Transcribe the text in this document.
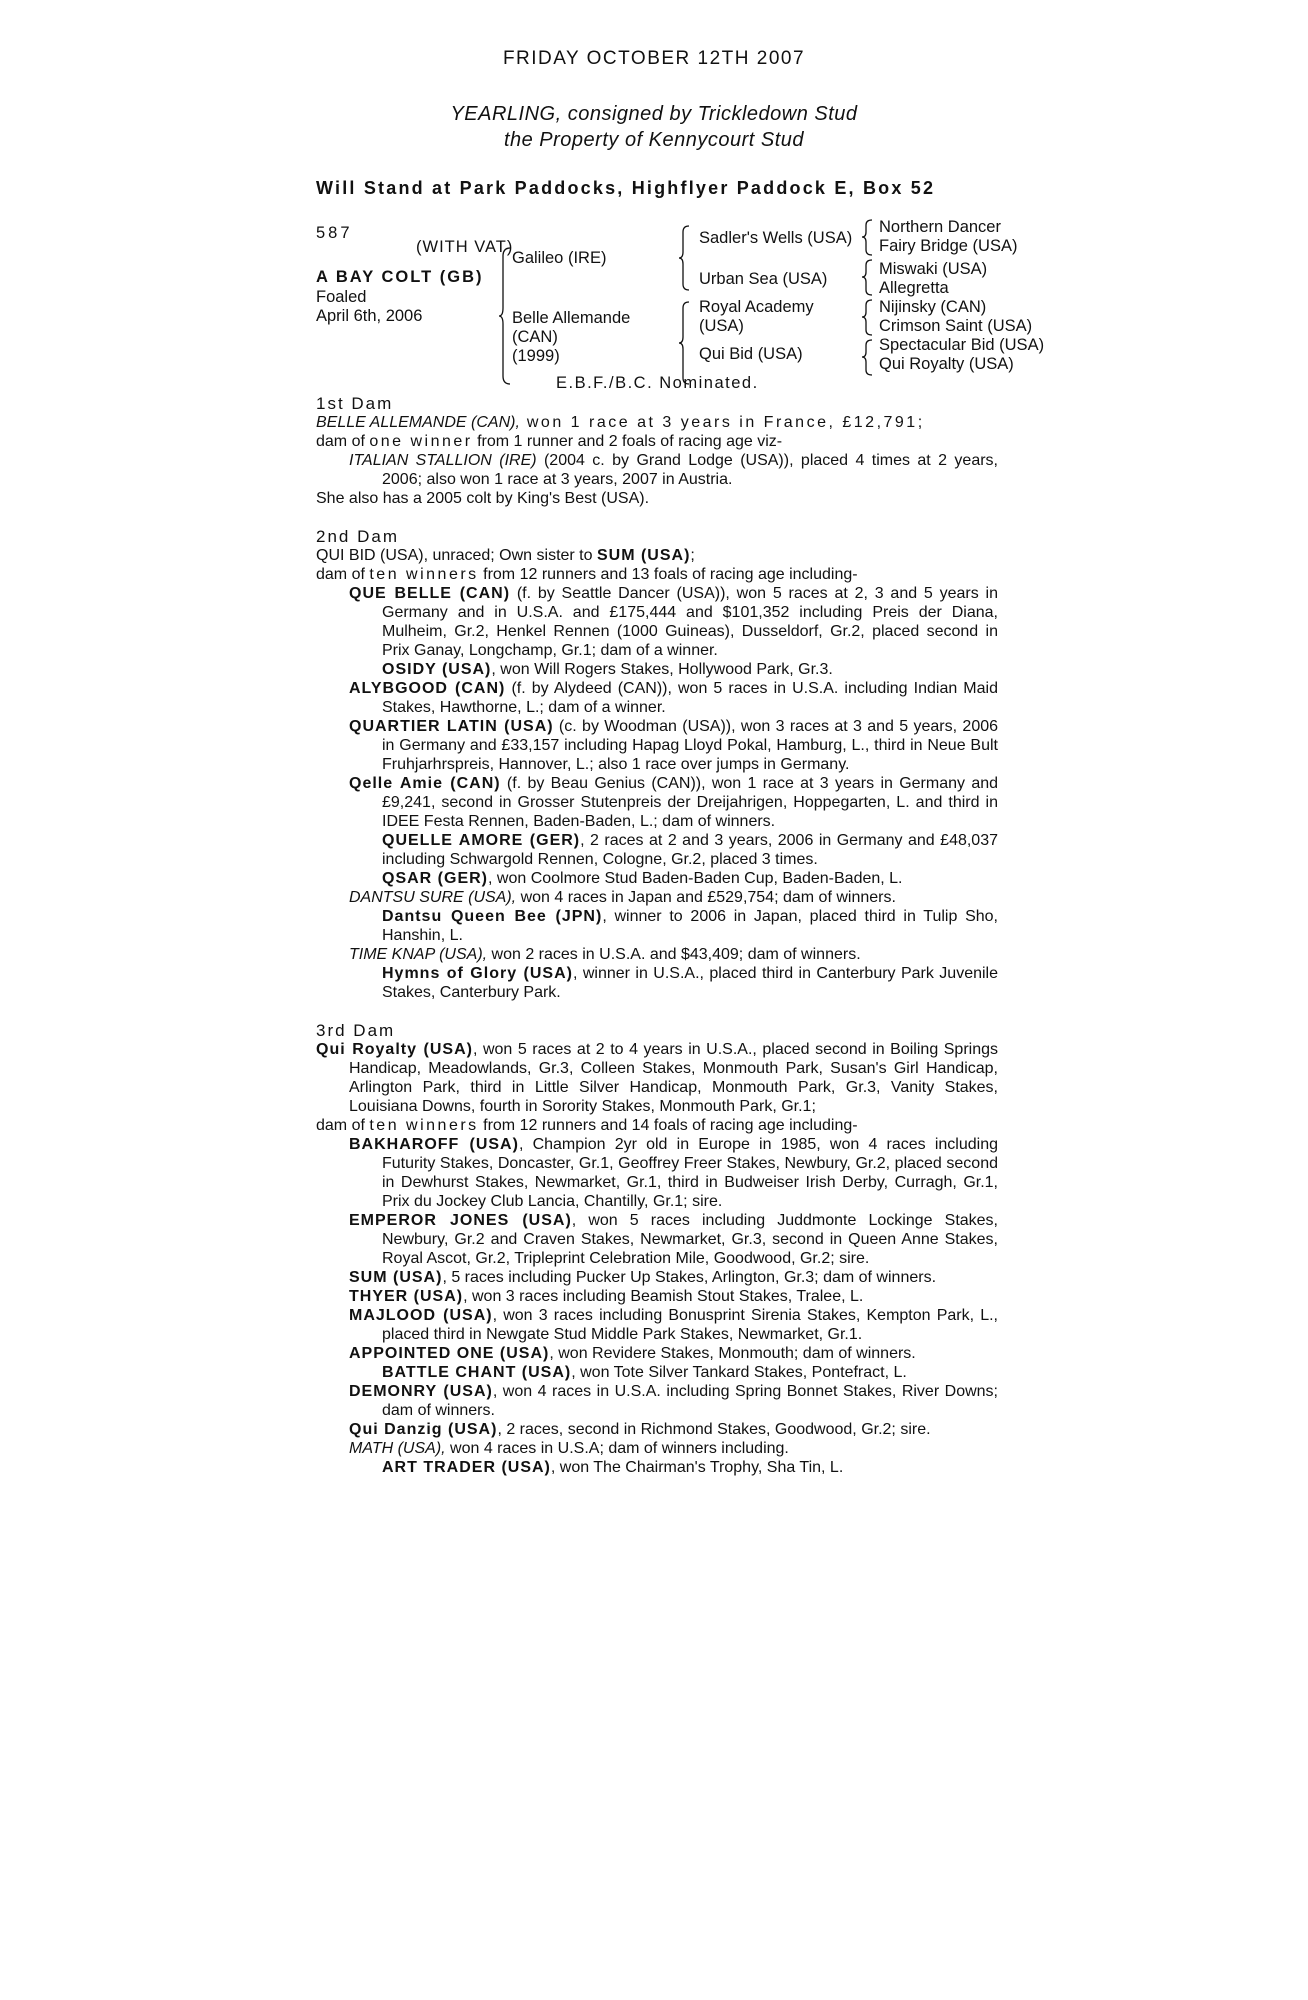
FRIDAY OCTOBER 12TH 2007
YEARLING, consigned by Trickledown Stud
the Property of Kennycourt Stud
Will Stand at Park Paddocks, Highflyer Paddock E, Box 52
587
(WITH VAT)
A BAY COLT (GB)
Foaled
April 6th, 2006
Galileo (IRE)
Belle Allemande
(CAN)
(1999)
Sadler's Wells (USA)
Urban Sea (USA)
Royal Academy
(USA)
Qui Bid (USA)
Northern Dancer
Fairy Bridge (USA)
Miswaki (USA)
Allegretta
Nijinsky (CAN)
Crimson Saint (USA)
Spectacular Bid (USA)
Qui Royalty (USA)
E.B.F./B.C. Nominated.
1st Dam
BELLE ALLEMANDE (CAN), won 1 race at 3 years in France, £12,791;
dam of one winner from 1 runner and 2 foals of racing age viz-
ITALIAN STALLION (IRE) (2004 c. by Grand Lodge (USA)), placed 4 times at 2 years, 2006; also won 1 race at 3 years, 2007 in Austria.
She also has a 2005 colt by King's Best (USA).
2nd Dam
QUI BID (USA), unraced; Own sister to SUM (USA);
dam of ten winners from 12 runners and 13 foals of racing age including-
QUE BELLE (CAN) (f. by Seattle Dancer (USA)), won 5 races at 2, 3 and 5 years in Germany and in U.S.A. and £175,444 and $101,352 including Preis der Diana, Mulheim, Gr.2, Henkel Rennen (1000 Guineas), Dusseldorf, Gr.2, placed second in Prix Ganay, Longchamp, Gr.1; dam of a winner.
OSIDY (USA), won Will Rogers Stakes, Hollywood Park, Gr.3.
ALYBGOOD (CAN) (f. by Alydeed (CAN)), won 5 races in U.S.A. including Indian Maid Stakes, Hawthorne, L.; dam of a winner.
QUARTIER LATIN (USA) (c. by Woodman (USA)), won 3 races at 3 and 5 years, 2006 in Germany and £33,157 including Hapag Lloyd Pokal, Hamburg, L., third in Neue Bult Fruhjarhrspreis, Hannover, L.; also 1 race over jumps in Germany.
Qelle Amie (CAN) (f. by Beau Genius (CAN)), won 1 race at 3 years in Germany and £9,241, second in Grosser Stutenpreis der Dreijahrigen, Hoppegarten, L. and third in IDEE Festa Rennen, Baden-Baden, L.; dam of winners.
QUELLE AMORE (GER), 2 races at 2 and 3 years, 2006 in Germany and £48,037 including Schwargold Rennen, Cologne, Gr.2, placed 3 times.
QSAR (GER), won Coolmore Stud Baden-Baden Cup, Baden-Baden, L.
DANTSU SURE (USA), won 4 races in Japan and £529,754; dam of winners.
Dantsu Queen Bee (JPN), winner to 2006 in Japan, placed third in Tulip Sho, Hanshin, L.
TIME KNAP (USA), won 2 races in U.S.A. and $43,409; dam of winners.
Hymns of Glory (USA), winner in U.S.A., placed third in Canterbury Park Juvenile Stakes, Canterbury Park.
3rd Dam
Qui Royalty (USA), won 5 races at 2 to 4 years in U.S.A., placed second in Boiling Springs Handicap, Meadowlands, Gr.3, Colleen Stakes, Monmouth Park, Susan's Girl Handicap, Arlington Park, third in Little Silver Handicap, Monmouth Park, Gr.3, Vanity Stakes, Louisiana Downs, fourth in Sorority Stakes, Monmouth Park, Gr.1;
dam of ten winners from 12 runners and 14 foals of racing age including-
BAKHAROFF (USA), Champion 2yr old in Europe in 1985, won 4 races including Futurity Stakes, Doncaster, Gr.1, Geoffrey Freer Stakes, Newbury, Gr.2, placed second in Dewhurst Stakes, Newmarket, Gr.1, third in Budweiser Irish Derby, Curragh, Gr.1, Prix du Jockey Club Lancia, Chantilly, Gr.1; sire.
EMPEROR JONES (USA), won 5 races including Juddmonte Lockinge Stakes, Newbury, Gr.2 and Craven Stakes, Newmarket, Gr.3, second in Queen Anne Stakes, Royal Ascot, Gr.2, Tripleprint Celebration Mile, Goodwood, Gr.2; sire.
SUM (USA), 5 races including Pucker Up Stakes, Arlington, Gr.3; dam of winners.
THYER (USA), won 3 races including Beamish Stout Stakes, Tralee, L.
MAJLOOD (USA), won 3 races including Bonusprint Sirenia Stakes, Kempton Park, L., placed third in Newgate Stud Middle Park Stakes, Newmarket, Gr.1.
APPOINTED ONE (USA), won Revidere Stakes, Monmouth; dam of winners.
BATTLE CHANT (USA), won Tote Silver Tankard Stakes, Pontefract, L.
DEMONRY (USA), won 4 races in U.S.A. including Spring Bonnet Stakes, River Downs; dam of winners.
Qui Danzig (USA), 2 races, second in Richmond Stakes, Goodwood, Gr.2; sire.
MATH (USA), won 4 races in U.S.A; dam of winners including.
ART TRADER (USA), won The Chairman's Trophy, Sha Tin, L.
